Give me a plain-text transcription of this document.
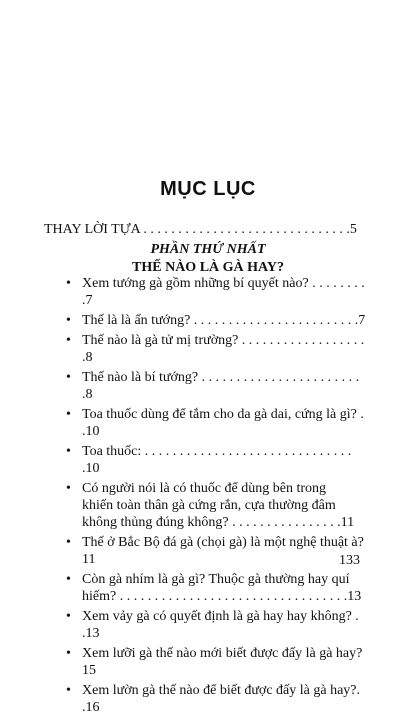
MỤC LỤC
THAY LỜI TỰA . . . . . . . . . . . . . . . . . . . . . . . . . . . . . .5
PHẦN THỨ NHẤT
THẾ NÀO LÀ GÀ HAY?
• Xem tướng gà gồm những bí quyết nào? . . . . . . . . .7
• Thế là là ấn tướng? . . . . . . . . . . . . . . . . . . . . . . . .7
• Thế nào là gà tử mị trường? . . . . . . . . . . . . . . . . . . .8
• Thế nào là bí tướng? . . . . . . . . . . . . . . . . . . . . . . . .8
• Toa thuốc dùng để tắm cho da gà dai, cứng là gì? . .10
• Toa thuốc: . . . . . . . . . . . . . . . . . . . . . . . . . . . . . . .10
• Có người nói là có thuốc để dùng bên trong
khiến toàn thân gà cứng rắn, cựa thường đâm
không thủng đúng không? . . . . . . . . . . . . . . . .11
• Thế ở Bắc Bộ đá gà (chọi gà) là một nghệ thuật à? 11
• Còn gà nhím là gà gì? Thuộc gà thường hay quí
hiếm? . . . . . . . . . . . . . . . . . . . . . . . . . . . . . . . . .13
• Xem vảy gà có quyết định là gà hay hay không? . .13
• Xem lưỡi gà thế nào mới biết được đấy là gà hay? 15
• Xem lườn gà thế nào để biết được đấy là gà hay?. .16
133
